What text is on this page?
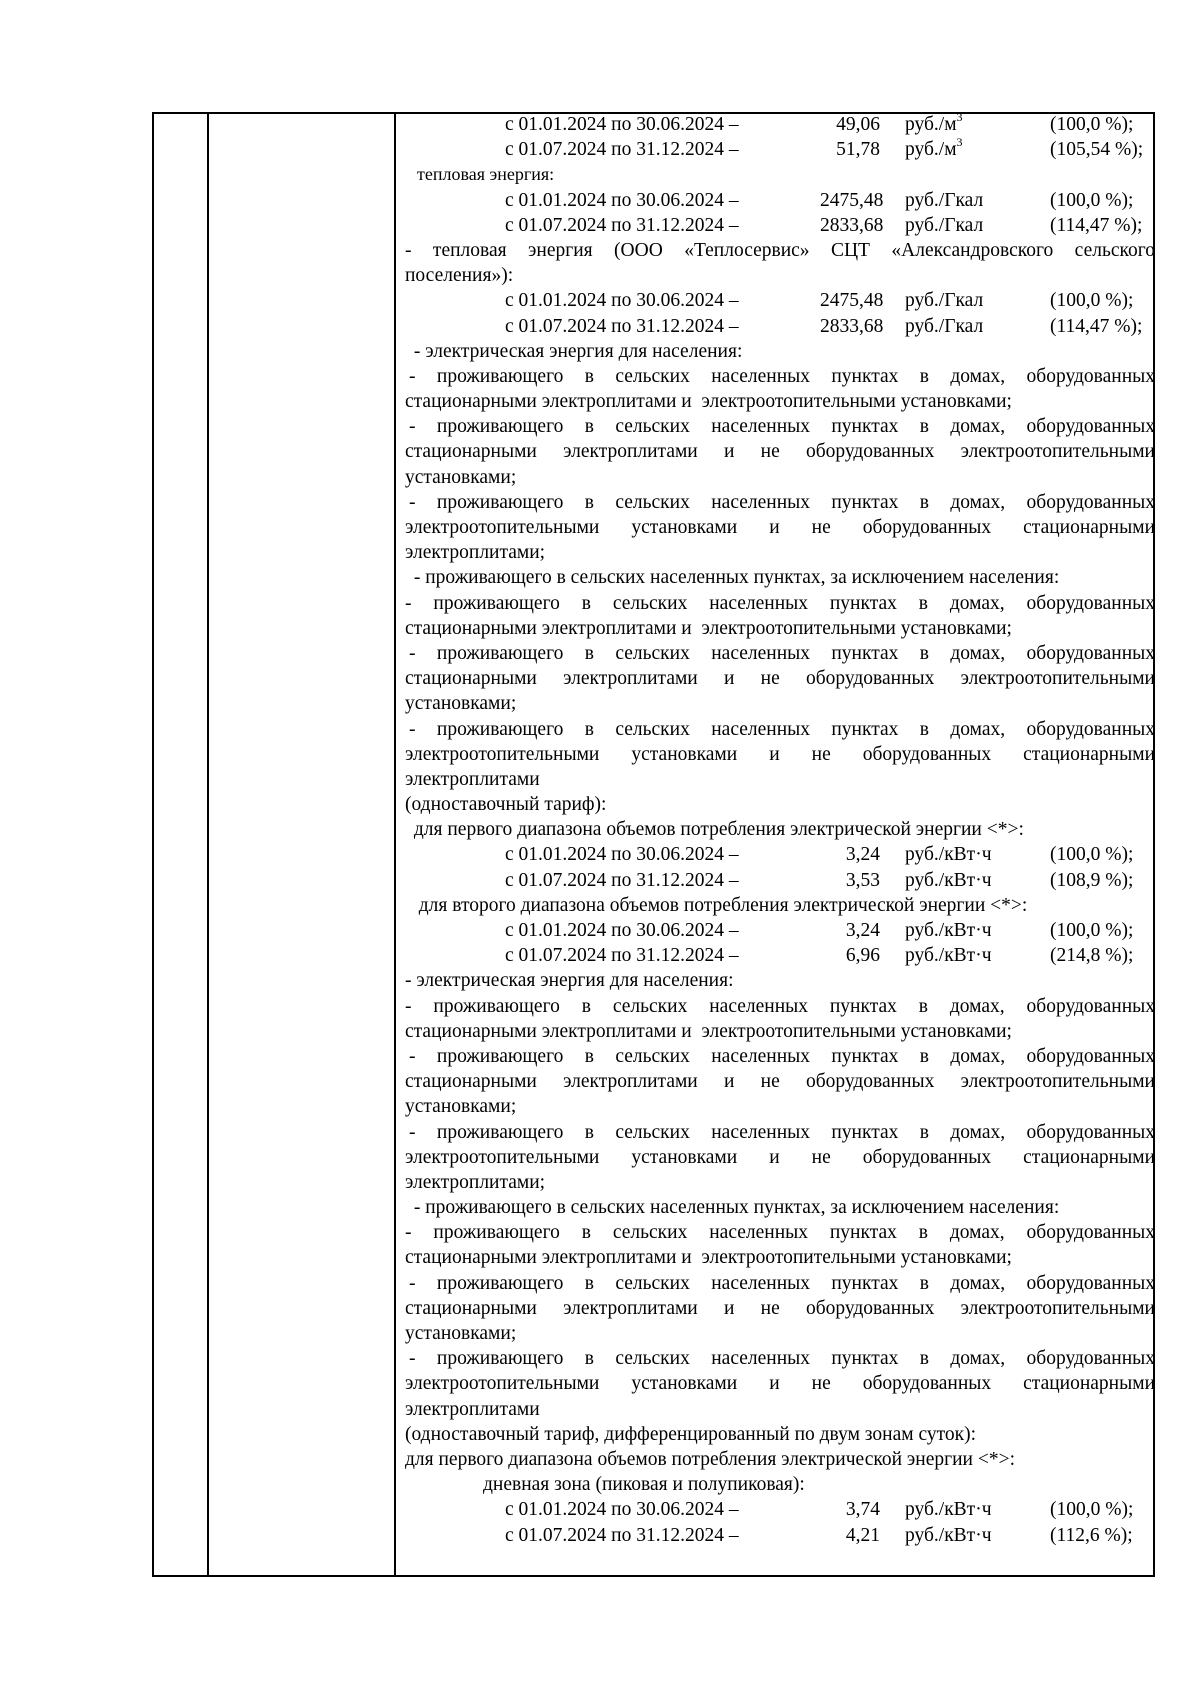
с 01.01.2024 по 30.06.2024 –	49,06 $руб./м^3$	(100,0 %);
с 01.07.2024 по 31.12.2024 –	51,78 $руб./м^3$	(105,54 %);
тепловая энергия:
с 01.01.2024 по 30.06.2024 –	2475,48 руб./Гкал	(100,0 %);
с 01.07.2024 по 31.12.2024 –	2833,68 руб./Гкал	(114,47 %);
- тепловая энергия (ООО «Теплосервис» СЦТ «Александровского сельского
поселения»):
с 01.01.2024 по 30.06.2024 –	2475,48 руб./Гкал	(100,0 %);
с 01.07.2024 по 31.12.2024 –	2833,68 руб./Гкал	(114,47 %);
- электрическая энергия для населения:
- проживающего в сельских населенных пунктах в домах, оборудованных
стационарными электроплитами и  электроотопительными установками;
- проживающего в сельских населенных пунктах в домах, оборудованных
стационарными электроплитами и не оборудованных электроотопительными
установками;
- проживающего в сельских населенных пунктах в домах, оборудованных
электроотопительными установками и не оборудованных стационарными
электроплитами;
- проживающего в сельских населенных пунктах, за исключением населения:
- проживающего в сельских населенных пунктах в домах, оборудованных
стационарными электроплитами и  электроотопительными установками;
- проживающего в сельских населенных пунктах в домах, оборудованных
стационарными электроплитами и не оборудованных электроотопительными
установками;
- проживающего в сельских населенных пунктах в домах, оборудованных
электроотопительными установками и не оборудованных стационарными
электроплитами
(одноставочный тариф):
для первого диапазона объемов потребления электрической энергии <*>:
с 01.01.2024 по 30.06.2024 –	3,24 руб./кВт·ч	(100,0 %);
с 01.07.2024 по 31.12.2024 –	3,53 руб./кВт·ч	(108,9 %);
для второго диапазона объемов потребления электрической энергии <*>:
с 01.01.2024 по 30.06.2024 –	3,24 руб./кВт·ч	(100,0 %);
с 01.07.2024 по 31.12.2024 –	6,96 руб./кВт·ч	(214,8 %);
- электрическая энергия для населения:
- проживающего в сельских населенных пунктах в домах, оборудованных
стационарными электроплитами и  электроотопительными установками;
- проживающего в сельских населенных пунктах в домах, оборудованных
стационарными электроплитами и не оборудованных электроотопительными
установками;
- проживающего в сельских населенных пунктах в домах, оборудованных
электроотопительными установками и не оборудованных стационарными
электроплитами;
- проживающего в сельских населенных пунктах, за исключением населения:
- проживающего в сельских населенных пунктах в домах, оборудованных
стационарными электроплитами и  электроотопительными установками;
- проживающего в сельских населенных пунктах в домах, оборудованных
стационарными электроплитами и не оборудованных электроотопительными
установками;
- проживающего в сельских населенных пунктах в домах, оборудованных
электроотопительными установками и не оборудованных стационарными
электроплитами
(одноставочный тариф, дифференцированный по двум зонам суток):
для первого диапазона объемов потребления электрической энергии <*>:
дневная зона (пиковая и полупиковая):
с 01.01.2024 по 30.06.2024 –	3,74 руб./кВт·ч	(100,0 %);
с 01.07.2024 по 31.12.2024 –	4,21 руб./кВт·ч	(112,6 %);
